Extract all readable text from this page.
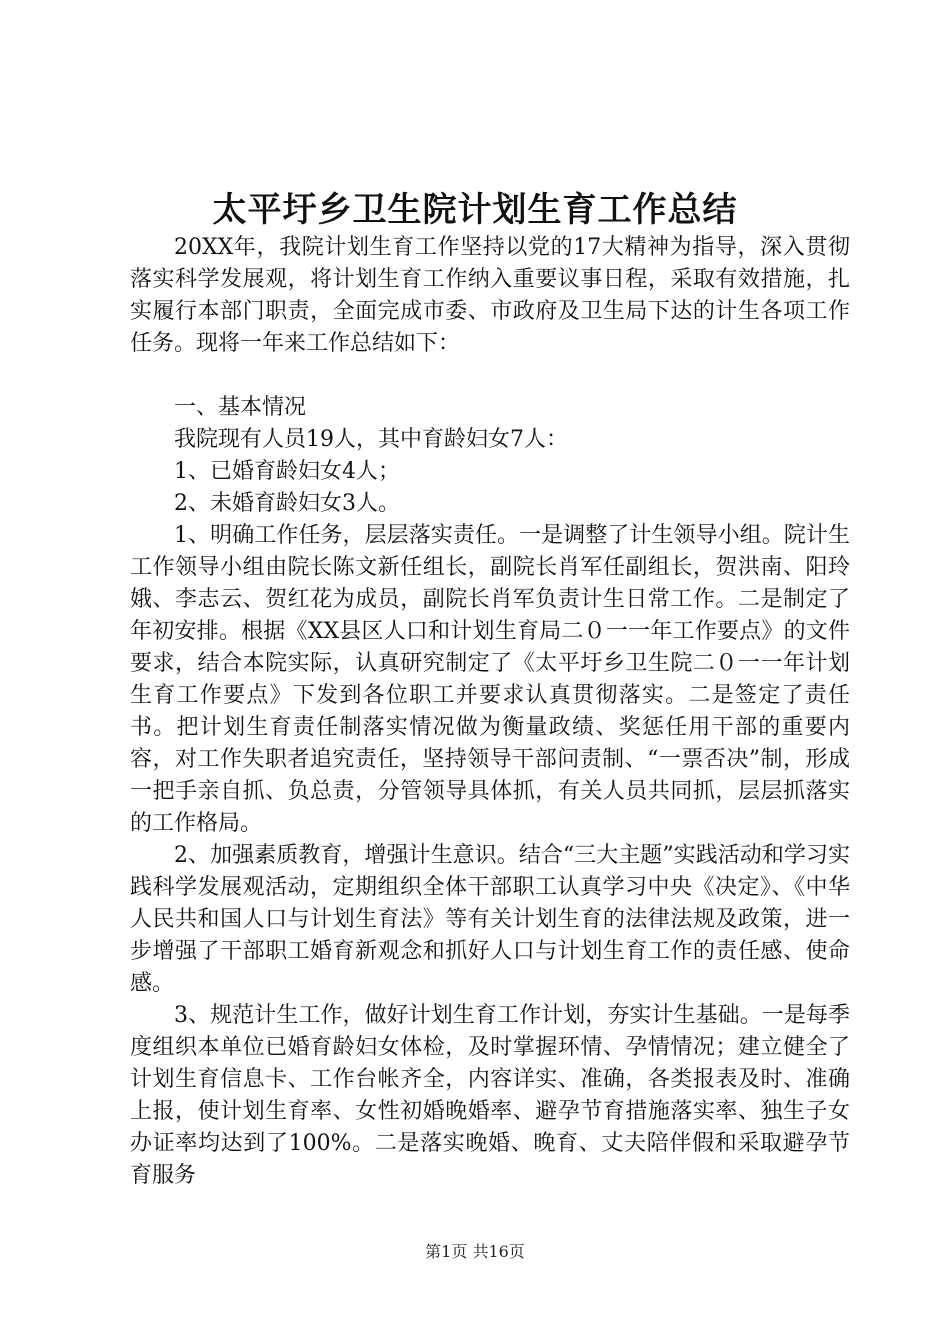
太平圩乡卫生院计划生育工作总结

20XX年，我院计划生育工作坚持以党的17大精神为指导，深入贯彻落实科学发展观，将计划生育工作纳入重要议事日程，采取有效措施，扎实履行本部门职责，全面完成市委、市政府及卫生局下达的计生各项工作任务。现将一年来工作总结如下：

一、基本情况

我院现有人员19人，其中育龄妇女7人：

1、已婚育龄妇女4人；

2、未婚育龄妇女3人。

1、明确工作任务，层层落实责任。一是调整了计生领导小组。院计生工作领导小组由院长陈文新任组长，副院长肖军任副组长，贺洪南、阳玲娥、李志云、贺红花为成员，副院长肖军负责计生日常工作。二是制定了年初安排。根据《XX县区人口和计划生育局二０一一年工作要点》的文件要求，结合本院实际，认真研究制定了《太平圩乡卫生院二０一一年计划生育工作要点》下发到各位职工并要求认真贯彻落实。二是签定了责任书。把计划生育责任制落实情况做为衡量政绩、奖惩任用干部的重要内容，对工作失职者追究责任，坚持领导干部问责制、“一票否决”制，形成一把手亲自抓、负总责，分管领导具体抓，有关人员共同抓，层层抓落实的工作格局。

2、加强素质教育，增强计生意识。结合“三大主题”实践活动和学习实践科学发展观活动，定期组织全体干部职工认真学习中央《决定》、《中华人民共和国人口与计划生育法》等有关计划生育的法律法规及政策，进一步增强了干部职工婚育新观念和抓好人口与计划生育工作的责任感、使命感。

3、规范计生工作，做好计划生育工作计划，夯实计生基础。一是每季度组织本单位已婚育龄妇女体检，及时掌握环情、孕情情况；建立健全了计划生育信息卡、工作台帐齐全，内容详实、准确，各类报表及时、准确上报，使计划生育率、女性初婚晚婚率、避孕节育措施落实率、独生子女办证率均达到了100%。二是落实晚婚、晚育、丈夫陪伴假和采取避孕节育服务

第1页 共16页
